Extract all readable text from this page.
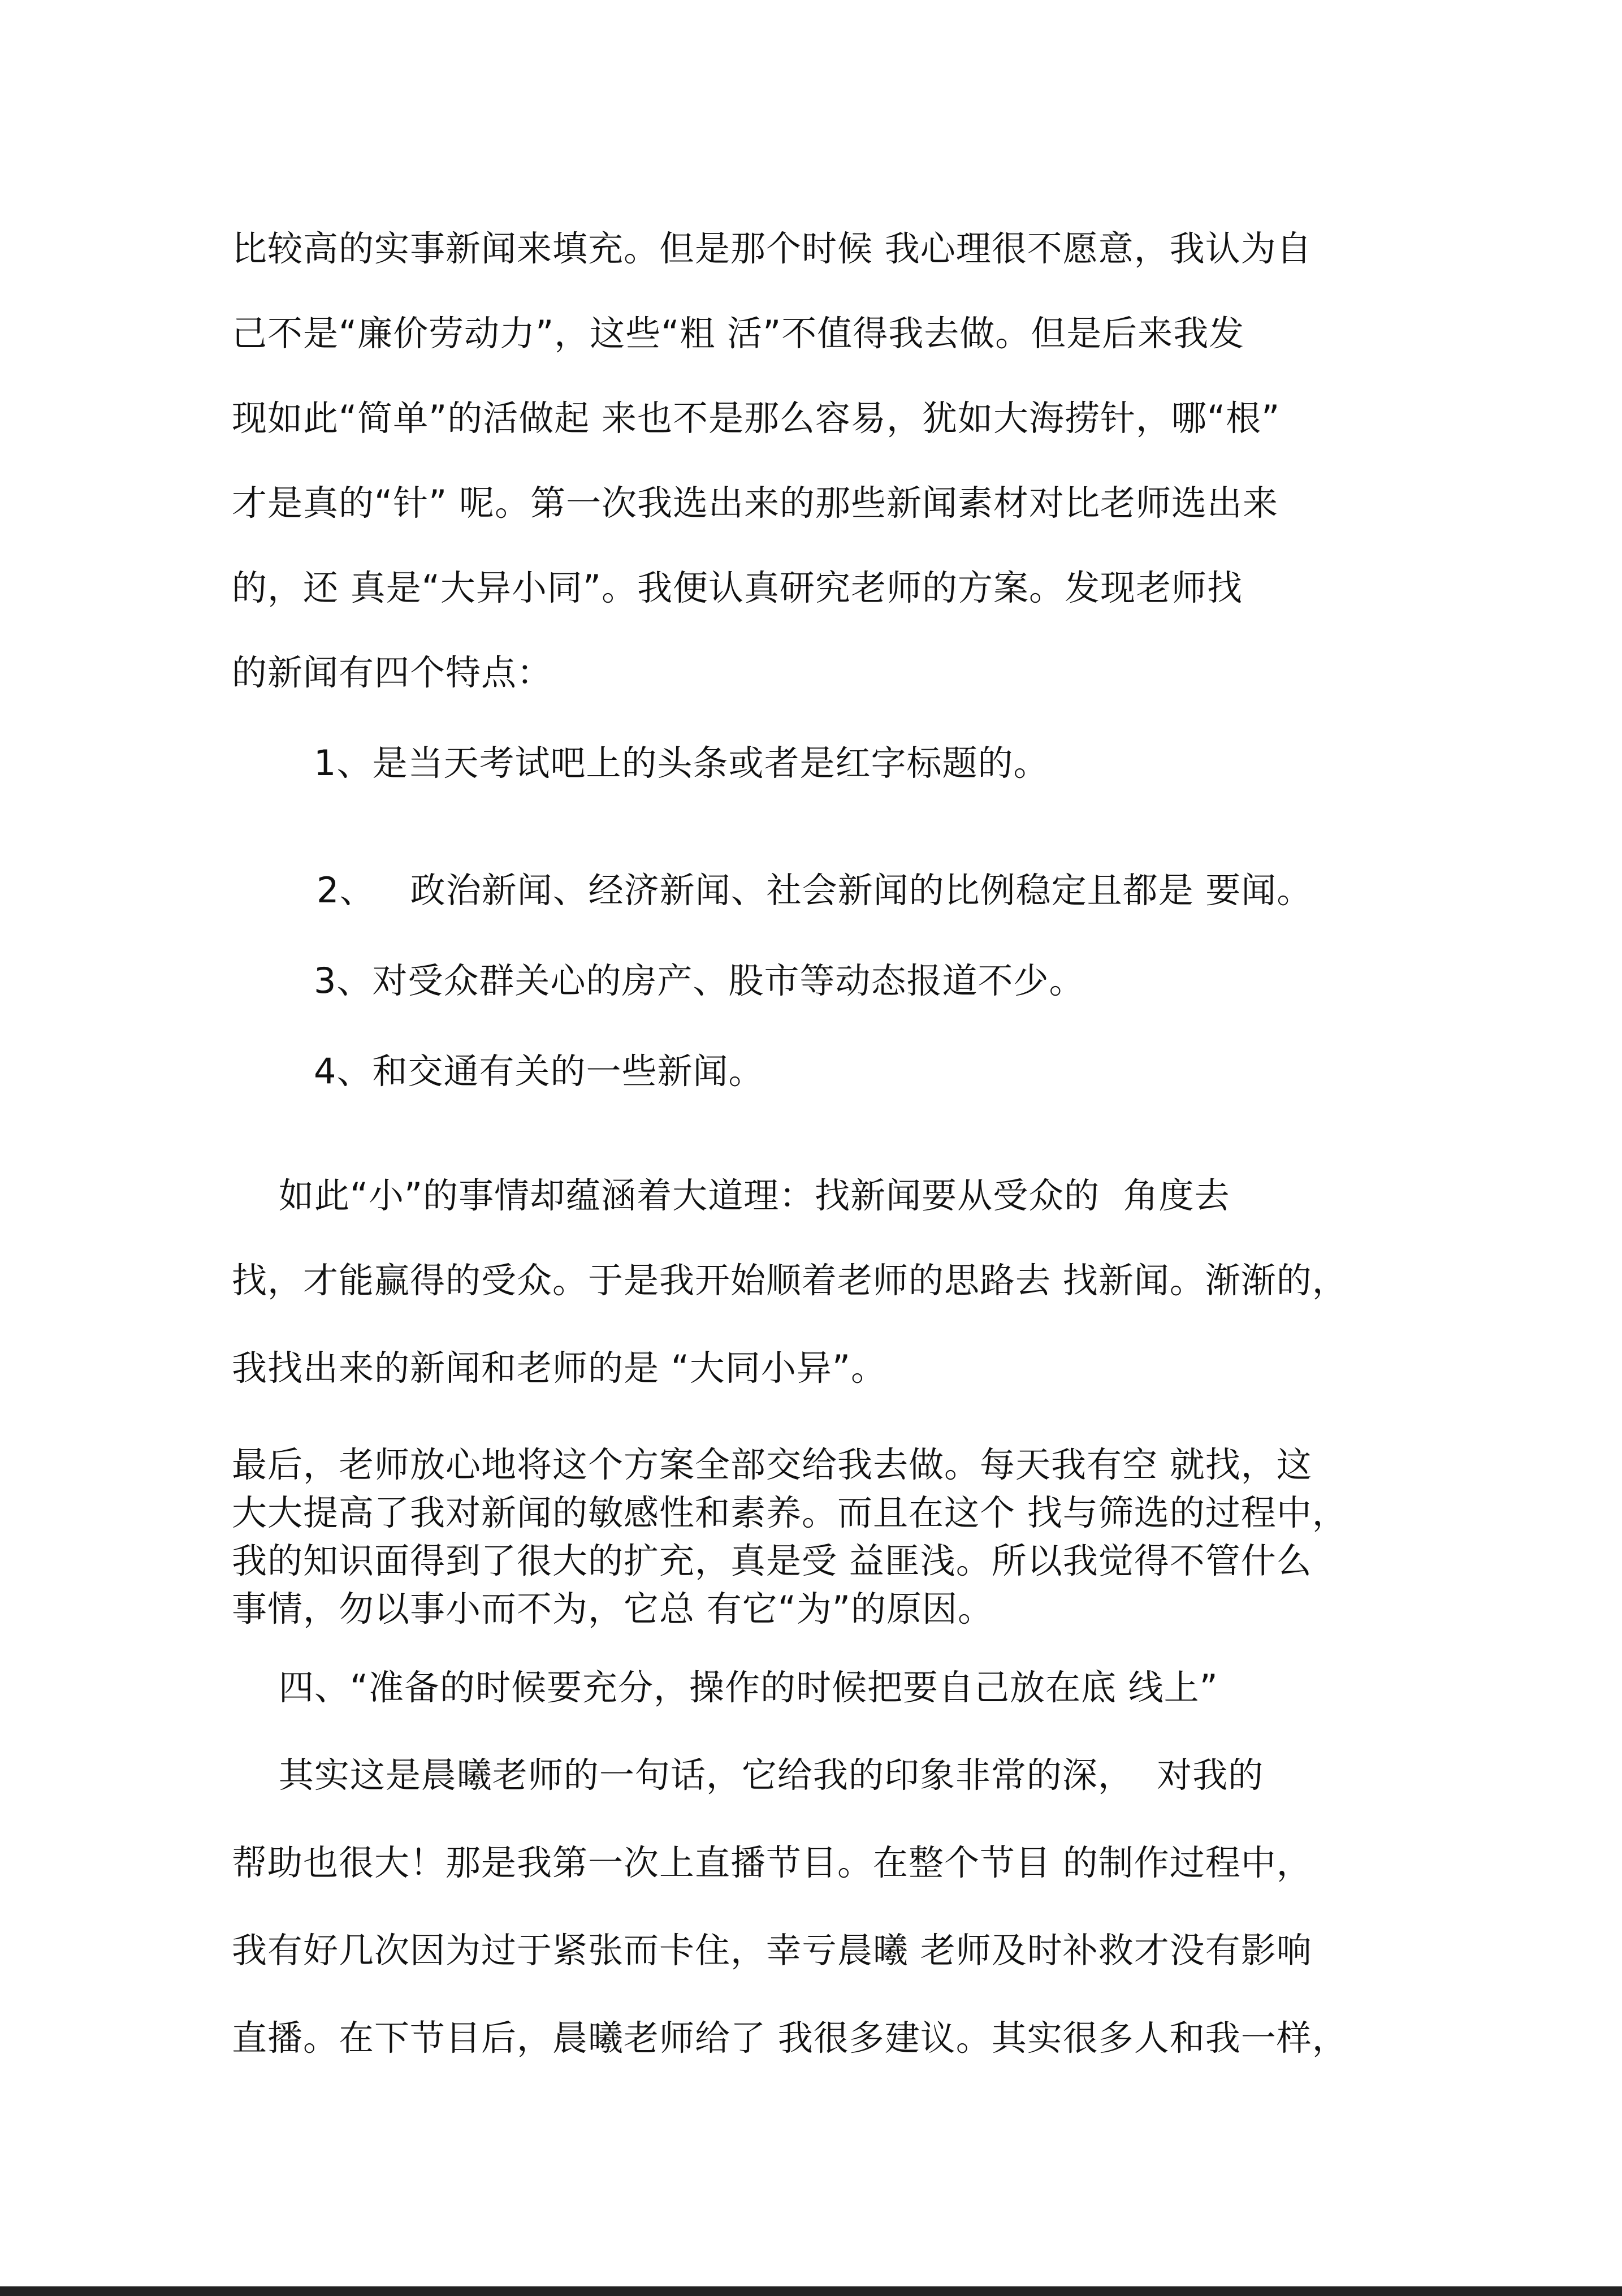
比较高的实事新闻来填充。但是那个时候 我心理很不愿意，我认为自
己不是“廉价劳动力”，这些“粗 活”不值得我去做。但是后来我发
现如此“简单”的活做起 来也不是那么容易，犹如大海捞针，哪“根”
才是真的“针” 呢。第一次我选出来的那些新闻素材对比老师选出来
的，还 真是“大异小同”。我便认真研究老师的方案。发现老师找
的新闻有四个特点：
1、是当天考试吧上的头条或者是红字标题的。
2、   政治新闻、经济新闻、社会新闻的比例稳定且都是 要闻。
3、对受众群关心的房产、股市等动态报道不少。
4、和交通有关的一些新闻。
如此“小”的事情却蕴涵着大道理：找新闻要从受众的  角度去
找，才能赢得的受众。于是我开始顺着老师的思路去 找新闻。渐渐的，
我找出来的新闻和老师的是 “大同小异”。
最后，老师放心地将这个方案全部交给我去做。每天我有空 就找，这
大大提高了我对新闻的敏感性和素养。而且在这个 找与筛选的过程中，
我的知识面得到了很大的扩充，真是受 益匪浅。所以我觉得不管什么
事情，勿以事小而不为，它总 有它“为”的原因。
四、“准备的时候要充分，操作的时候把要自己放在底 线上”
其实这是晨曦老师的一句话，它给我的印象非常的深，  对我的
帮助也很大！那是我第一次上直播节目。在整个节目 的制作过程中，
我有好几次因为过于紧张而卡住，幸亏晨曦 老师及时补救才没有影响
直播。在下节目后，晨曦老师给了 我很多建议。其实很多人和我一样，
